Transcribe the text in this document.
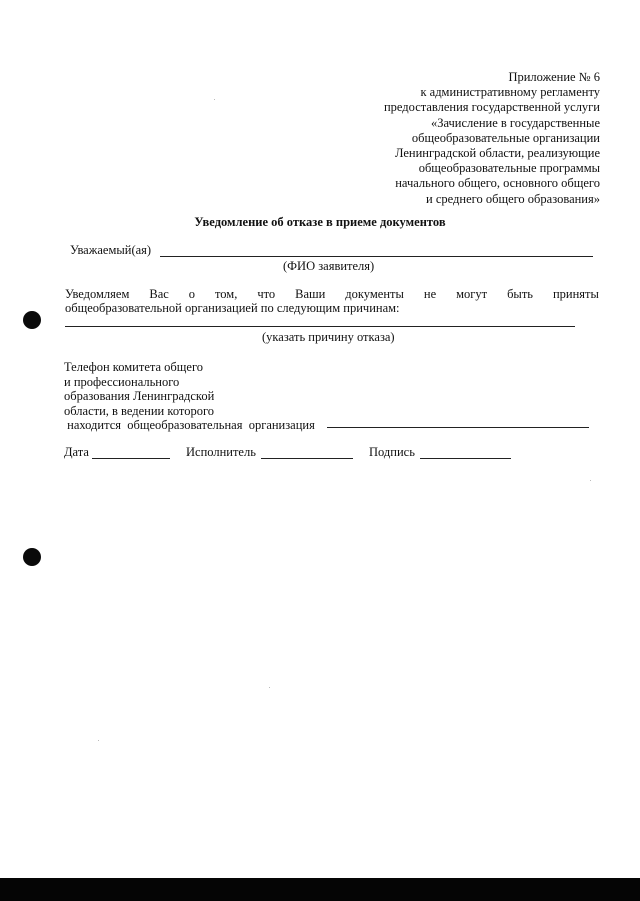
Приложение № 6
к административному регламенту
предоставления государственной услуги
«Зачисление в государственные
общеобразовательные организации
Ленинградской области, реализующие
общеобразовательные программы
начального общего, основного общего
и среднего общего образования»
Уведомление об отказе в приеме документов
Уважаемый(ая)
(ФИО заявителя)
Уведомляем Вас о том, что Ваши документы не могут быть приняты
общеобразовательной организацией по следующим причинам:
(указать причину отказа)
Телефон комитета общего
и профессионального
образования Ленинградской
области, в ведении которого
находится  общеобразовательная  организация
Дата	Исполнитель	Подпись
